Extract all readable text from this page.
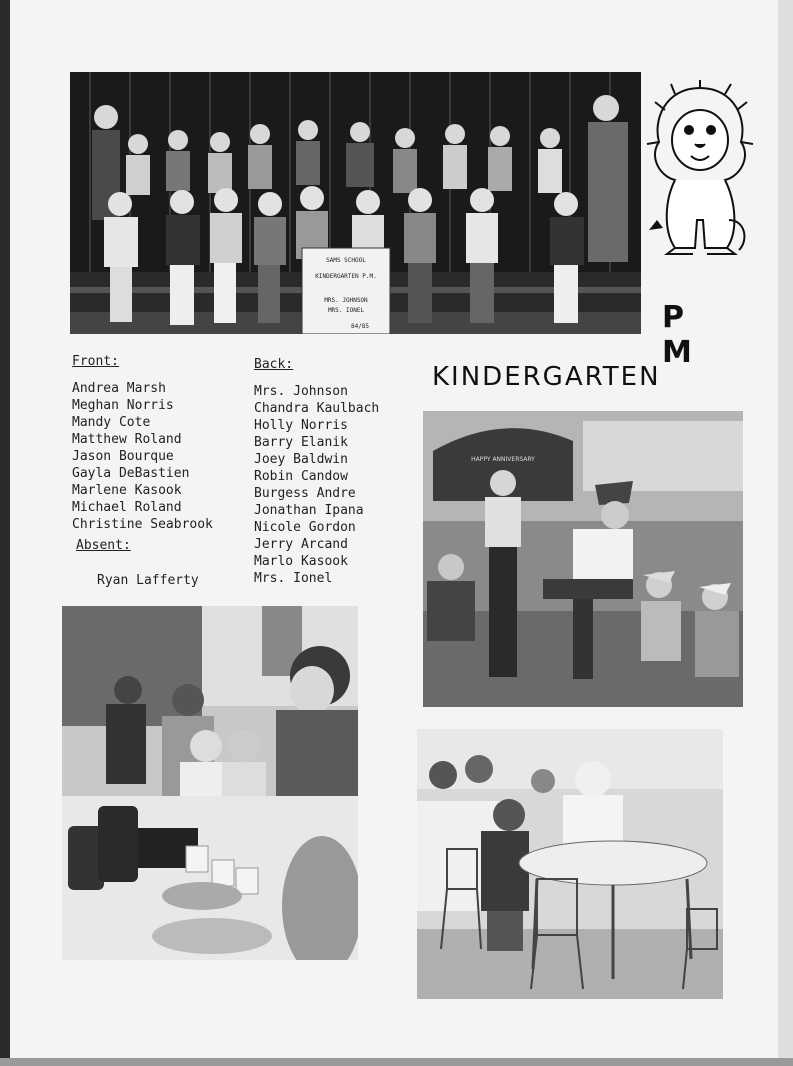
SAMS SCHOOL
KINDERGARTEN P.M.
MRS. JOHNSON
MRS. IONEL
84/85	P M
KINDERGARTEN
Front:
Andrea Marsh
Meghan Norris
Mandy Cote
Matthew Roland
Jason Bourque
Gayla DeBastien
Marlene Kasook
Michael Roland
Christine Seabrook
Back:
Mrs. Johnson
Chandra Kaulbach
Holly Norris
Barry Elanik
Joey Baldwin
Robin Candow
Burgess Andre
Jonathan Ipana
Nicole Gordon
Jerry Arcand
Marlo Kasook
Mrs. Ionel
Absent:
Ryan Lafferty
HAPPY ANNIVERSARY
